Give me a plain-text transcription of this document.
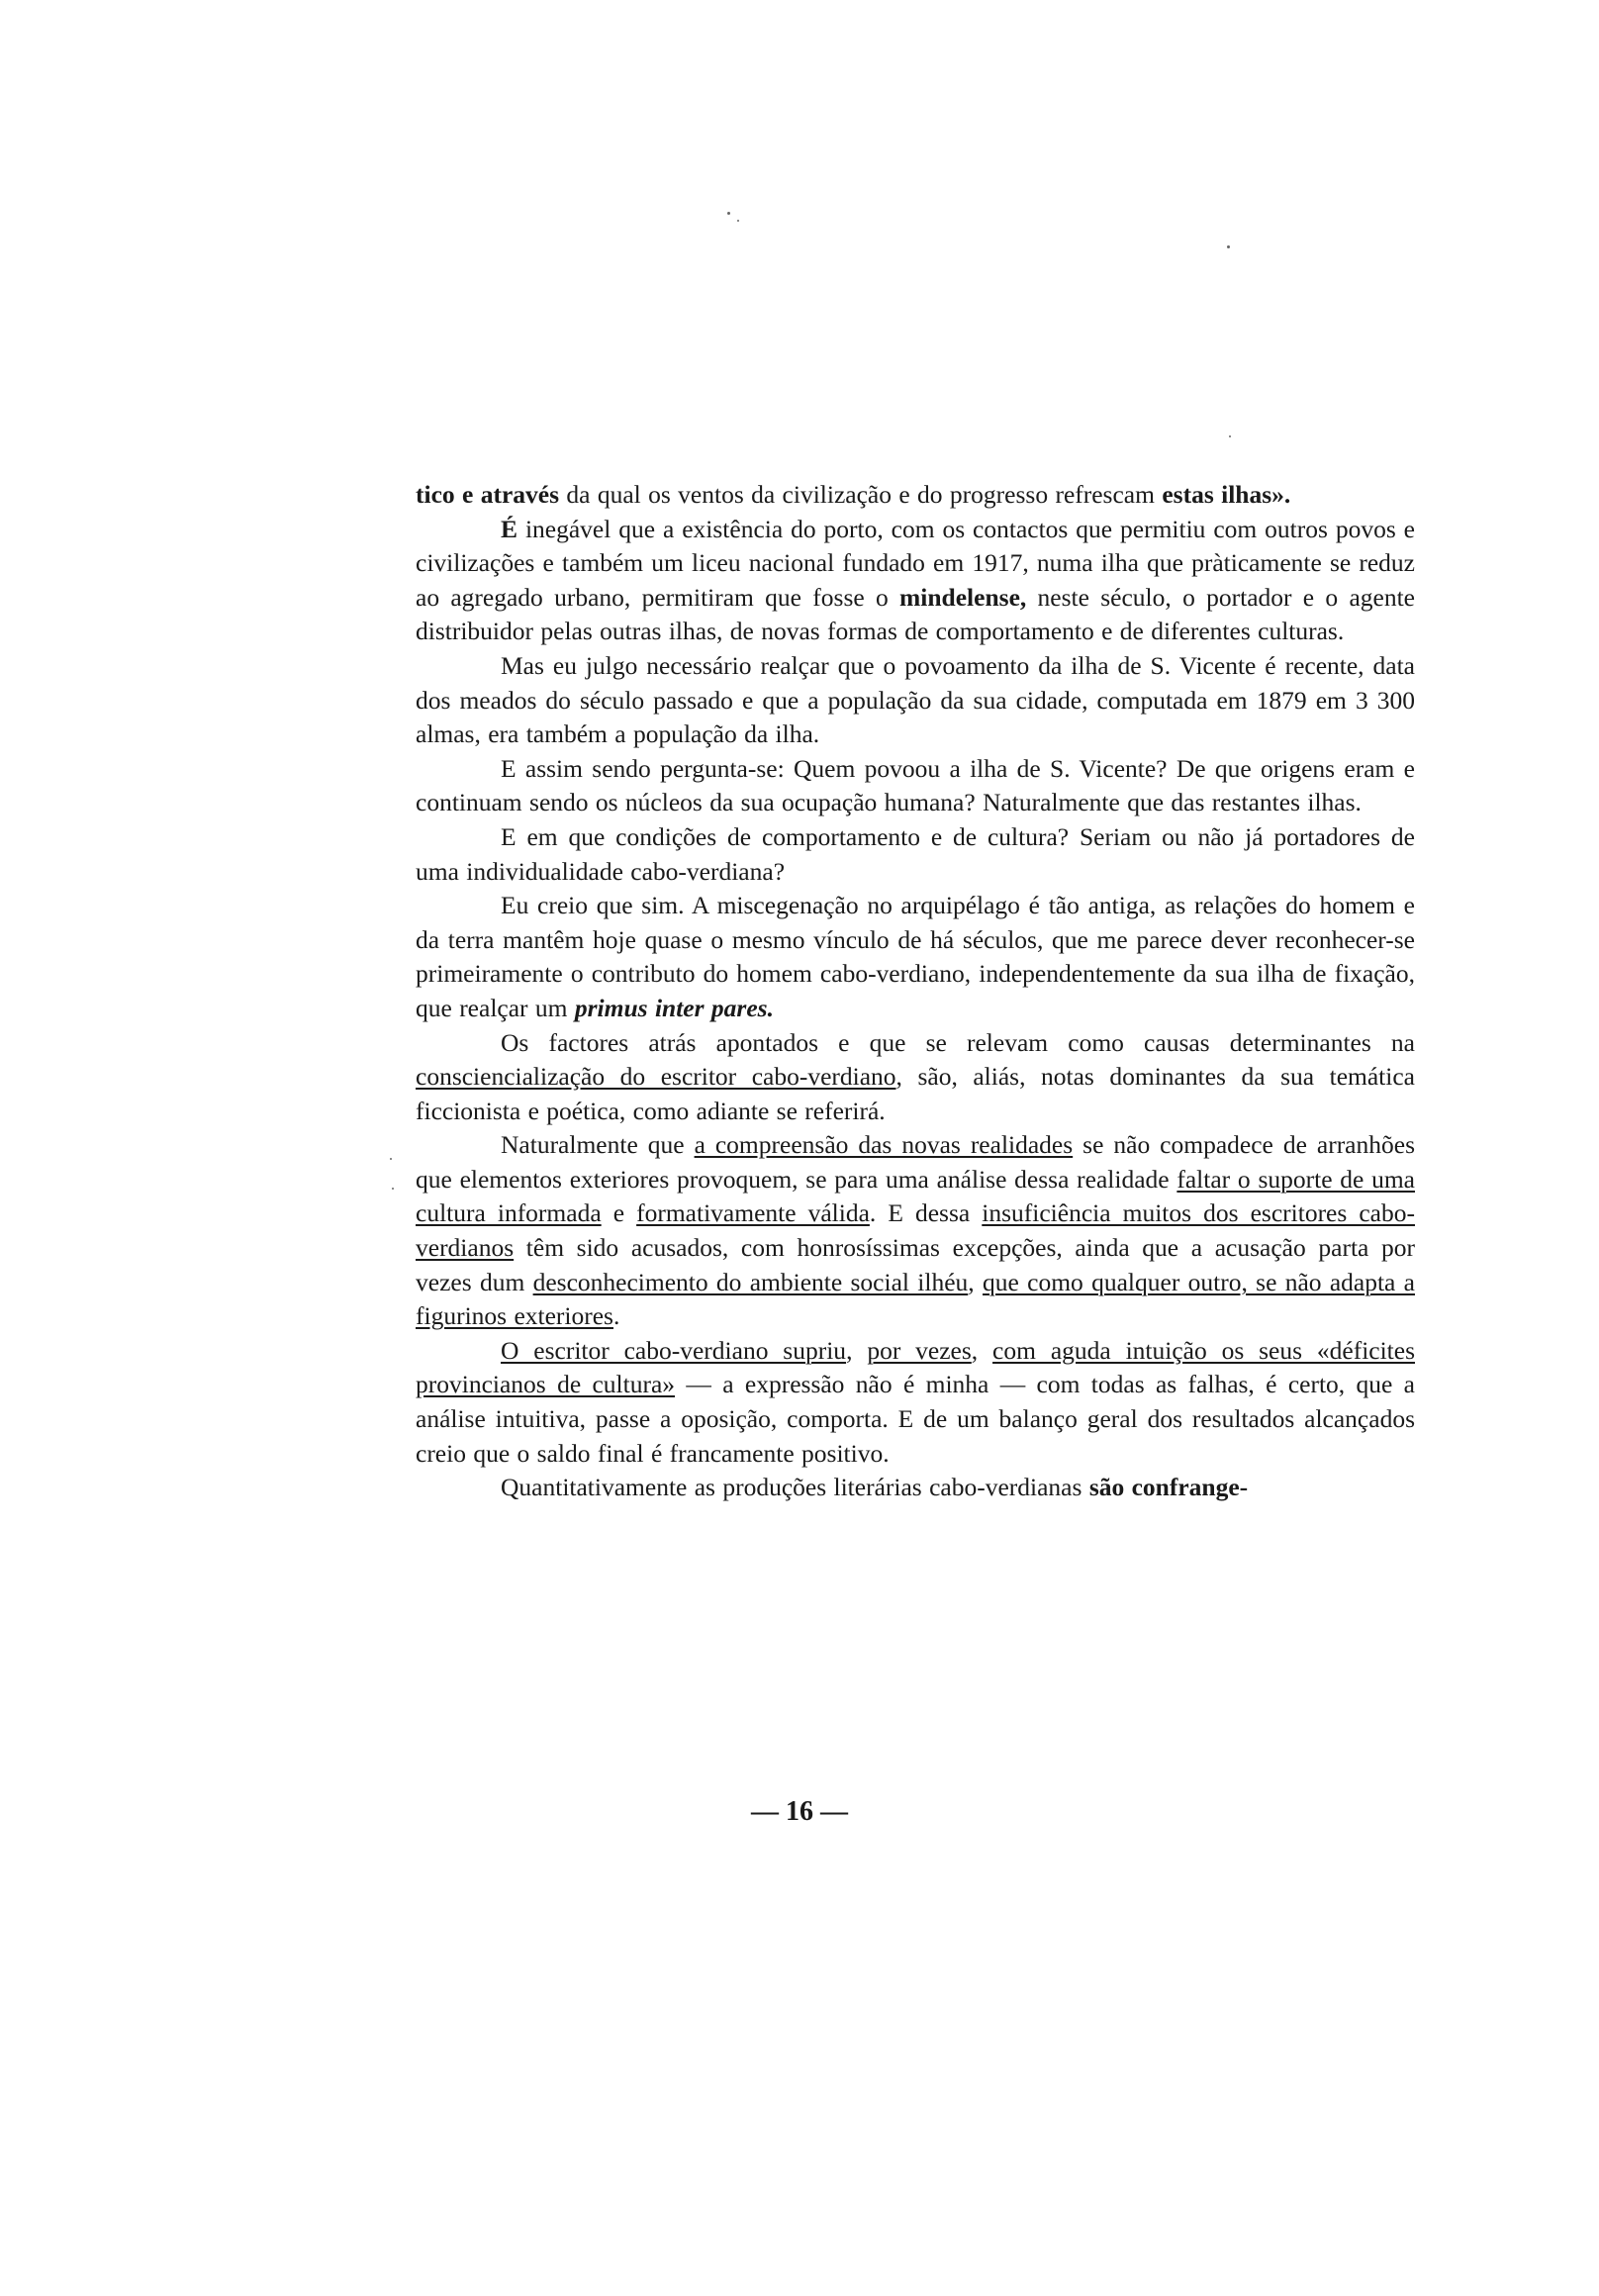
tico e através da qual os ventos da civilização e do progresso refrescam estas ilhas».

É inegável que a existência do porto, com os contactos que permitiu com outros povos e civilizações e também um liceu nacional fundado em 1917, numa ilha que pràticamente se reduz ao agregado urbano, permitiram que fosse o mindelense, neste século, o portador e o agente distribuidor pelas outras ilhas, de novas formas de comportamento e de diferentes culturas.

Mas eu julgo necessário realçar que o povoamento da ilha de S. Vicente é recente, data dos meados do século passado e que a população da sua cidade, computada em 1879 em 3 300 almas, era também a população da ilha.

E assim sendo pergunta-se: Quem povoou a ilha de S. Vicente? De que origens eram e continuam sendo os núcleos da sua ocupação humana? Naturalmente que das restantes ilhas.

E em que condições de comportamento e de cultura? Seriam ou não já portadores de uma individualidade cabo-verdiana?

Eu creio que sim. A miscegenação no arquipélago é tão antiga, as relações do homem e da terra mantêm hoje quase o mesmo vínculo de há séculos, que me parece dever reconhecer-se primeiramente o contributo do homem cabo-verdiano, independentemente da sua ilha de fixação, que realçar um primus inter pares.

Os factores atrás apontados e que se relevam como causas determinantes na consciencialização do escritor cabo-verdiano, são, aliás, notas dominantes da sua temática ficcionista e poética, como adiante se referirá.

Naturalmente que a compreensão das novas realidades se não compadece de arranhões que elementos exteriores provoquem, se para uma análise dessa realidade faltar o suporte de uma cultura informada e formativamente válida. E dessa insuficiência muitos dos escritores cabo-verdianos têm sido acusados, com honrosíssimas excepções, ainda que a acusação parta por vezes dum desconhecimento do ambiente social ilhéu, que como qualquer outro, se não adapta a figurinos exteriores.

O escritor cabo-verdiano supriu, por vezes, com aguda intuição os seus «déficites provincianos de cultura» — a expressão não é minha — com todas as falhas, é certo, que a análise intuitiva, passe a oposição, comporta. E de um balanço geral dos resultados alcançados creio que o saldo final é francamente positivo.

Quantitativamente as produções literárias cabo-verdianas são confrange-

— 16 —
